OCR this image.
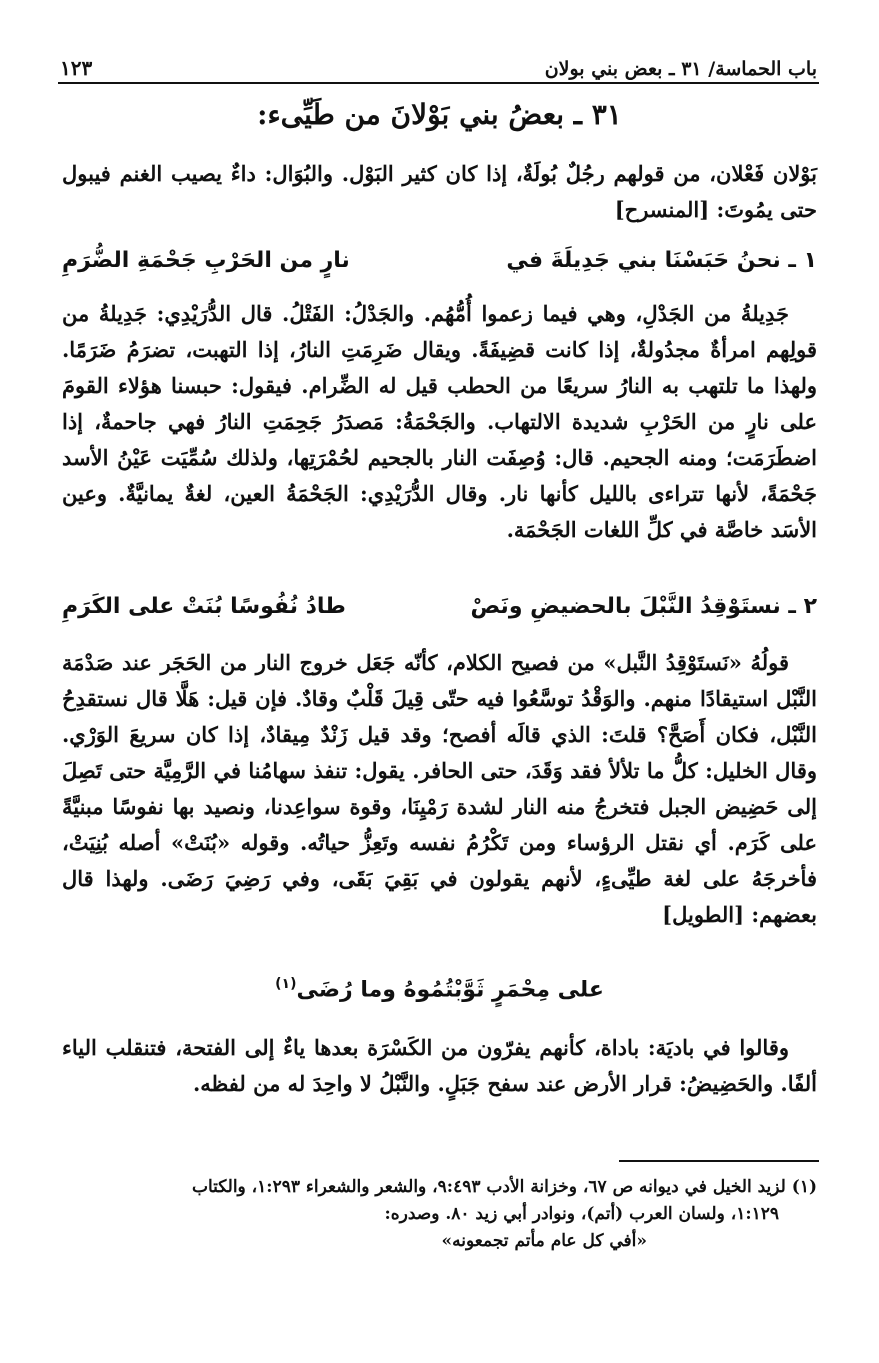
باب الحماسة/ ٣١ ـ بعض بني بولان
١٢٣
٣١ ـ بعضُ بني بَوْلانَ من طَيِّىء:
بَوْلان فَعْلان، من قولهم رجُلٌ بُولَةٌ، إذا كان كثير البَوْل. والبُوَال: داءٌ يصيب الغنم فيبول حتى يمُوتَ: [المنسرح]
١ ـ نحنُ حَبَسْنَا بني جَدِيلَةَ في
نارٍ من الحَرْبِ جَحْمَةِ الضُّرَمِ
جَدِيلةُ من الجَدْلِ، وهي فيما زعموا أُمُّهُم. والجَدْلُ: الفَتْلُ. قال الدُّرَيْدِي: جَدِيلةُ من قولِهم امرأةٌ مجدُولةٌ، إذا كانت قضِيفَةً. ويقال ضَرِمَتِ النارُ، إذا التهبت، تضرَمُ ضَرَمًا. ولهذا ما تلتهب به النارُ سريعًا من الحطب قيل له الضِّرام. فيقول: حبسنا هؤلاء القومَ على نارٍ من الحَرْبِ شديدة الالتهاب. والجَحْمَةُ: مَصدَرُ جَحِمَتِ النارُ فهي جاحمةٌ، إذا اضطَرَمَت؛ ومنه الجحيم. قال: وُصِفَت النار بالجحيم لحُمْرَتِها، ولذلك سُمِّيَت عَيْنُ الأسد جَحْمَةً، لأنها تتراءى بالليل كأنها نار. وقال الدُّرَيْدِي: الجَحْمَةُ العين، لغةٌ يمانيَّةٌ. وعين الأسَد خاصَّة في كلِّ اللغات الجَحْمَة.
٢ ـ نستَوْقِدُ النَّبْلَ بالحضيضِ ونَصْ
طادُ نُفُوسًا بُنَتْ على الكَرَمِ
قولُهُ «نَستَوْقِدُ النَّبل» من فصيح الكلام، كأنّه جَعَل خروج النار من الحَجَر عند صَدْمَة النَّبْل استيقادًا منهم. والوَقْدُ توسَّعُوا فيه حتّى قِيلَ قَلْبٌ وقادٌ. فإن قيل: هَلَّا قال نستقدِحُ النَّبْل، فكان أَصَحَّ؟ قلتَ: الذي قالَه أفصح؛ وقد قيل زَنْدٌ مِيقادٌ، إذا كان سريعَ الوَرْي. وقال الخليل: كلُّ ما تلألأ فقد وَقَدَ، حتى الحافر. يقول: تنفذ سهامُنا في الرَّمِيَّة حتى تَصِلَ إلى حَضِيض الجبل فتخرجُ منه النار لشدة رَمْيِنَا، وقوة سواعِدنا، ونصيد بها نفوسًا مبنيَّةً على كَرَم. أي نقتل الرؤساء ومن تَكْرُمُ نفسه وتَعِزُّ حياتُه. وقوله «بُنَتْ» أصله بُنِيَتْ، فأخرجَهُ على لغة طيِّىءٍ، لأنهم يقولون في بَقِيَ بَقَى، وفي رَضِيَ رَضَى. ولهذا قال بعضهم: [الطويل]
على مِحْمَرٍ ثَوَّبْتُمُوهُ وما رُضَى$^{(١)}$
وقالوا في باديَة: باداة، كأنهم يفرّون من الكَسْرَة بعدها ياءٌ إلى الفتحة، فتنقلب الياء ألفًا. والحَضِيضُ: قرار الأرض عند سفح جَبَلٍ. والنَّبْلُ لا واحِدَ له من لفظه.
(١) لزيد الخيل في ديوانه ص ٦٧، وخزانة الأدب ٩:٤٩٣، والشعر والشعراء ١:٢٩٣، والكتاب
١:١٢٩، ولسان العرب (أتم)، ونوادر أبي زيد ٨٠. وصدره:
«أفي كل عام مأتم تجمعونه»
